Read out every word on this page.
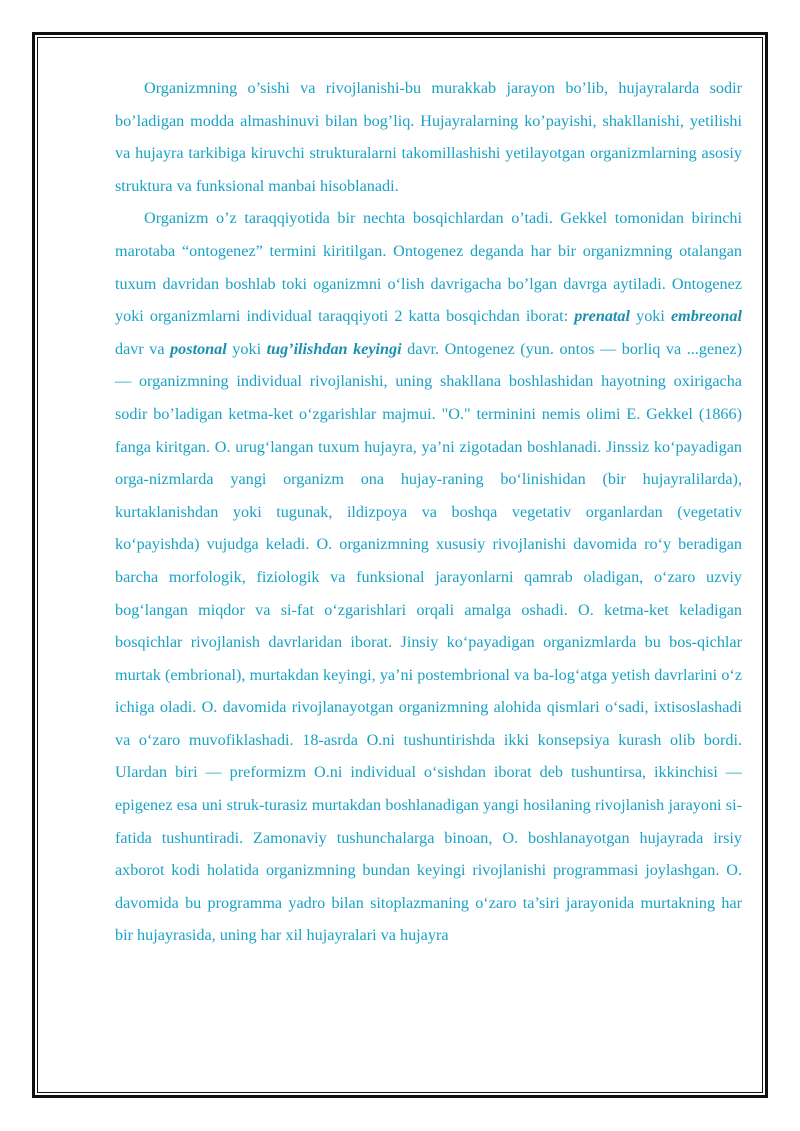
Organizmning o’sishi va rivojlanishi-bu murakkab jarayon bo’lib, hujayralarda sodir bo’ladigan modda almashinuvi bilan bog’liq. Hujayralarning ko’payishi, shakllanishi, yetilishi va hujayra tarkibiga kiruvchi strukturalarni takomillashishi yetilayotgan organizmlarning asosiy struktura va funksional manbai hisoblanadi.

Organizm o’z taraqqiyotida bir nechta bosqichlardan o’tadi. Gekkel tomonidan birinchi marotaba “ontogenez” termini kiritilgan. Ontogenez deganda har bir organizmning otalangan tuxum davridan boshlab toki oganizmni o‘lish davrigacha bo’lgan davrga aytiladi. Ontogenez yoki organizmlarni individual taraqqiyoti 2 katta bosqichdan iborat: prenatal yoki embreonal davr va postonal yoki tug’ilishdan keyingi davr. Ontogenez (yun. ontos — borliq va ...genez) — organizmning individual rivojlanishi, uning shakllana boshlashidan hayotning oxirigacha sodir bo’ladigan ketma-ket o‘zgarishlar majmui. "O." terminini nemis olimi E. Gekkel (1866) fanga kiritgan. O. urug‘langan tuxum hujayra, ya’ni zigotadan boshlanadi. Jinssiz ko‘payadigan orga-nizmlarda yangi organizm ona hujay-raning bo‘linishidan (bir hujayralilarda), kurtaklanishdan yoki tugunak, ildizpoya va boshqa vegetativ organlardan (vegetativ ko‘payishda) vujudga keladi. O. organizmning xususiy rivojlanishi davomida ro‘y beradigan barcha morfologik, fiziologik va funksional jarayonlarni qamrab oladigan, o‘zaro uzviy bog‘langan miqdor va si-fat o‘zgarishlari orqali amalga oshadi. O. ketma-ket keladigan bosqichlar rivojlanish davrlaridan iborat. Jinsiy ko‘payadigan organizmlarda bu bos-qichlar murtak (embrional), murtakdan keyingi, ya’ni postembrional va ba-log‘atga yetish davrlarini o‘z ichiga oladi. O. davomida rivojlanayotgan organizmning alohida qismlari o‘sadi, ixtisoslashadi va o‘zaro muvofiklashadi. 18-asrda O.ni tushuntirishda ikki konsepsiya kurash olib bordi. Ulardan biri — preformizm O.ni individual o‘sishdan iborat deb tushuntirsa, ikkinchisi — epigenez esa uni struk-turasiz murtakdan boshlanadigan yangi hosilaning rivojlanish jarayoni si-fatida tushuntiradi. Zamonaviy tushunchalarga binoan, O. boshlanayotgan hujayrada irsiy axborot kodi holatida organizmning bundan keyingi rivojlanishi programmasi joylashgan. O. davomida bu programma yadro bilan sitoplazmaning o‘zaro ta’siri jarayonida murtakning har bir hujayrasida, uning har xil hujayralari va hujayra
